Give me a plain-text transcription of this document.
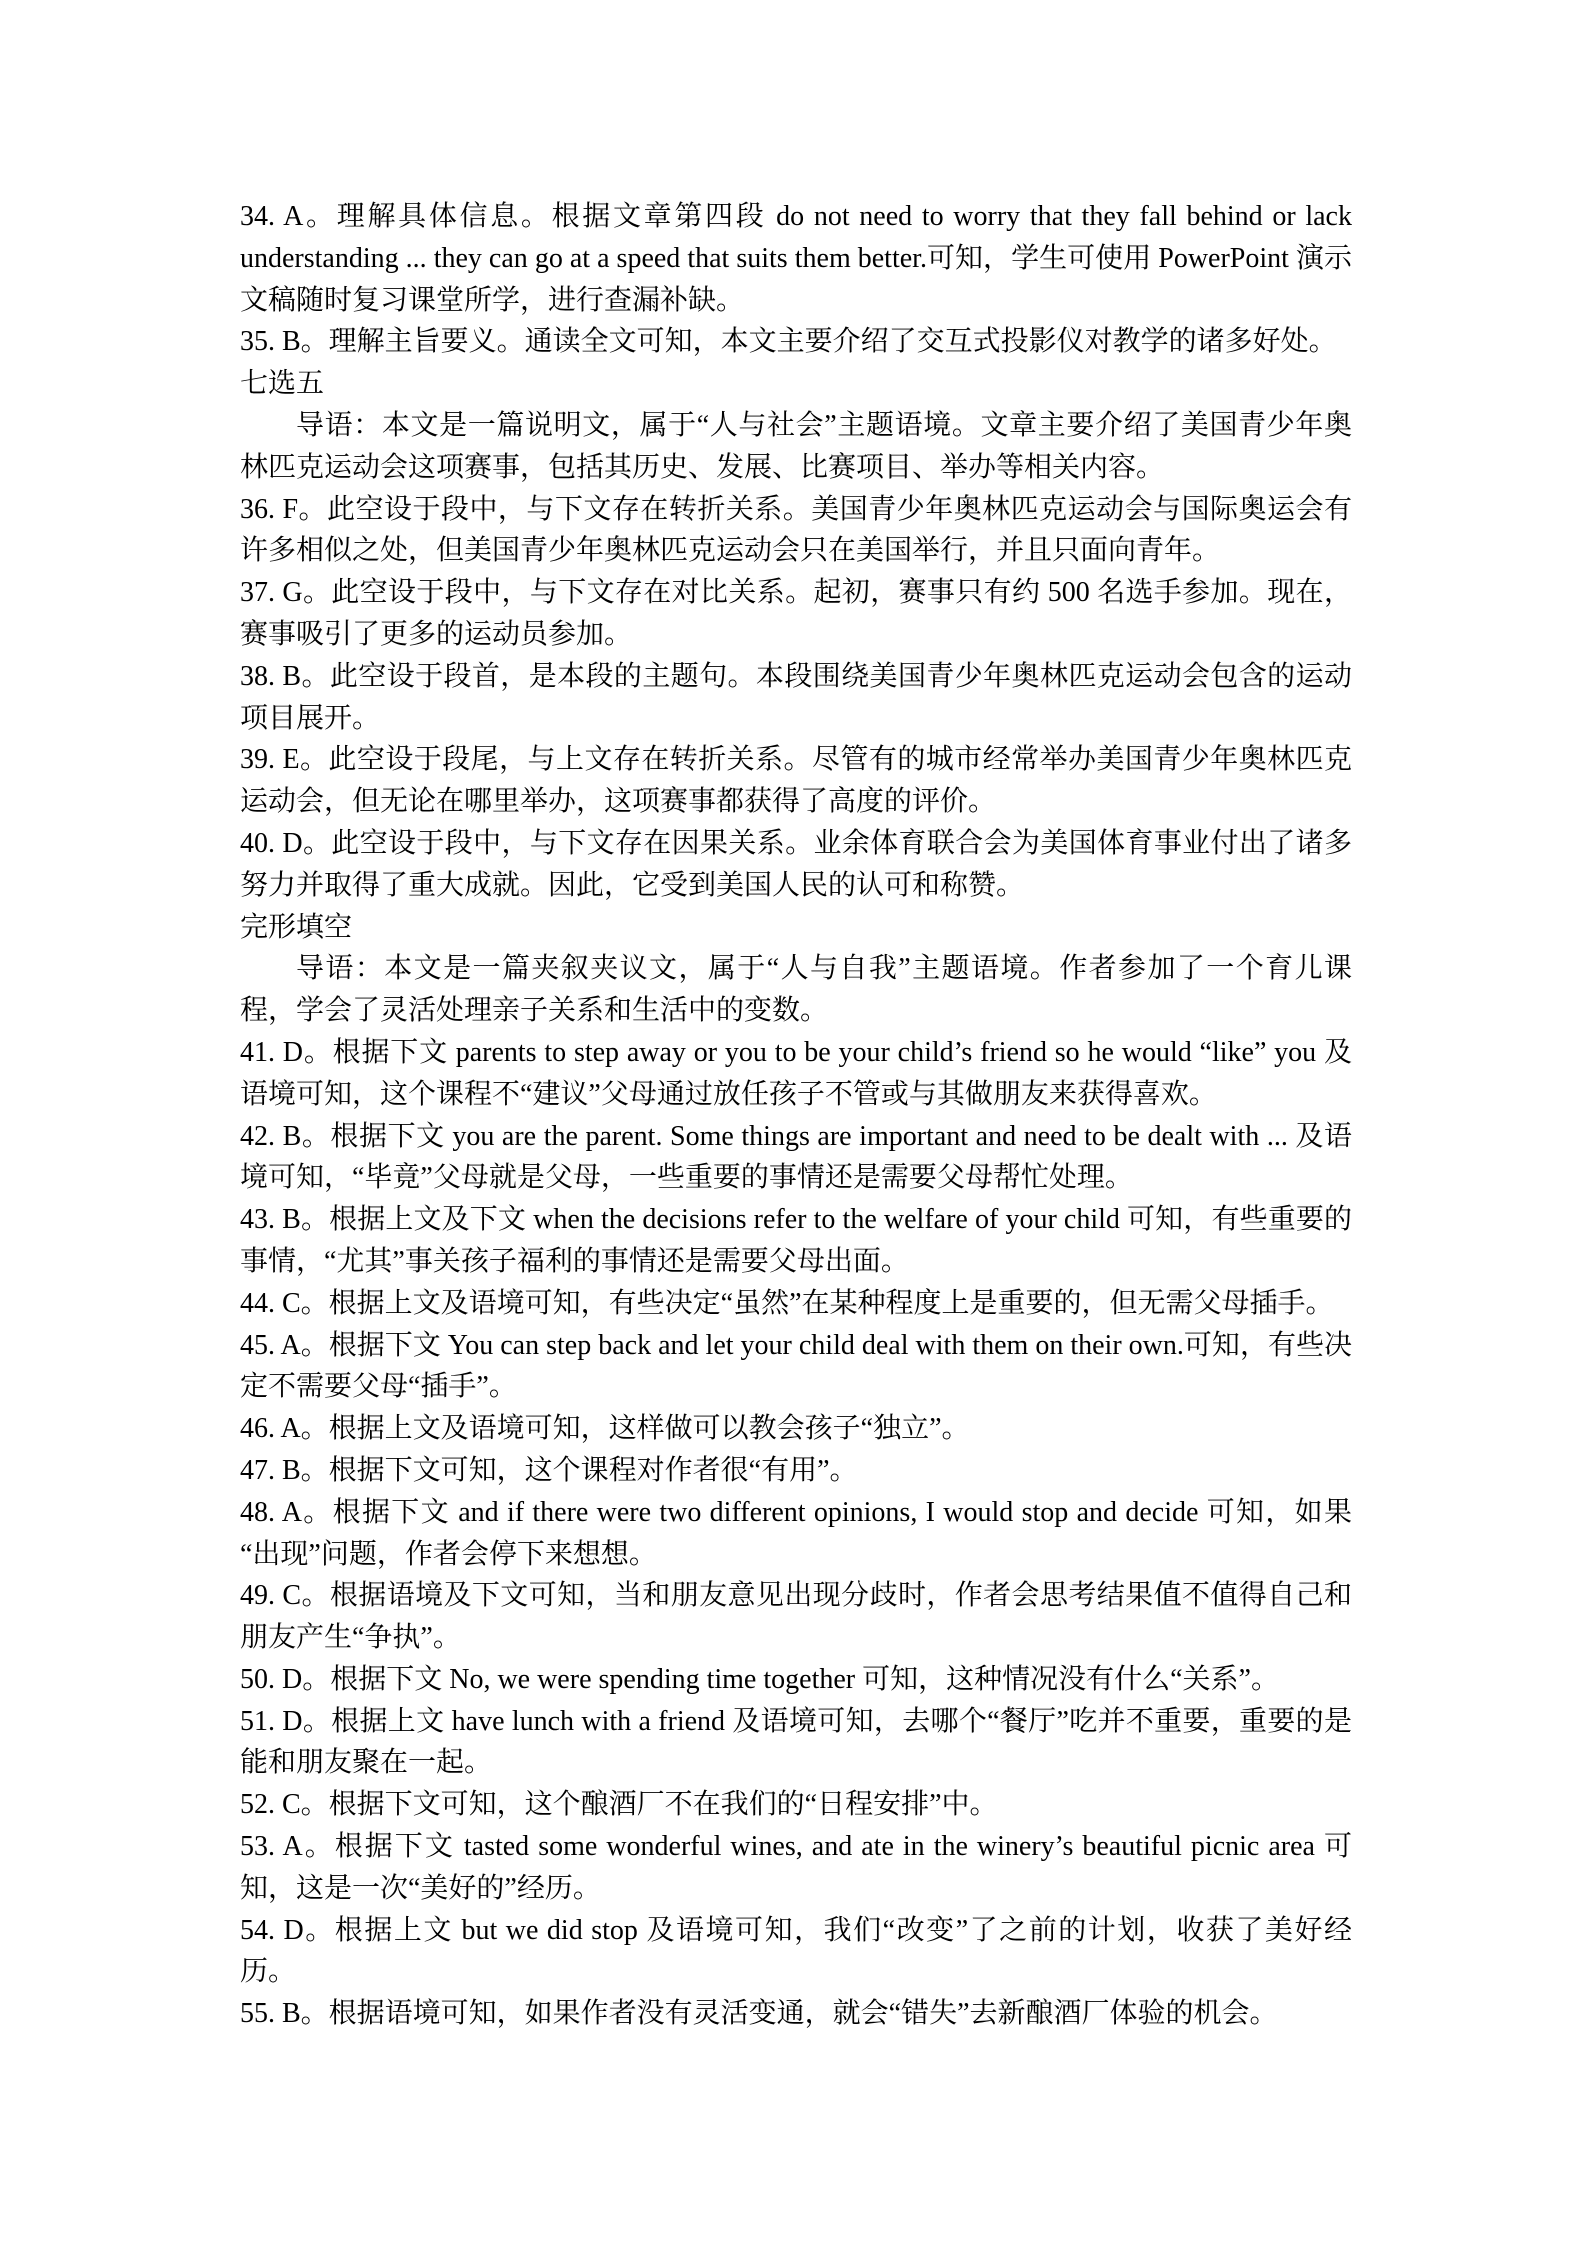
34. A。理解具体信息。根据文章第四段 do not need to worry that they fall behind or lack understanding ... they can go at a speed that suits them better.可知，学生可使用 PowerPoint 演示文稿随时复习课堂所学，进行查漏补缺。

35. B。理解主旨要义。通读全文可知，本文主要介绍了交互式投影仪对教学的诸多好处。

七选五

导语：本文是一篇说明文，属于“人与社会”主题语境。文章主要介绍了美国青少年奥林匹克运动会这项赛事，包括其历史、发展、比赛项目、举办等相关内容。

36. F。此空设于段中，与下文存在转折关系。美国青少年奥林匹克运动会与国际奥运会有许多相似之处，但美国青少年奥林匹克运动会只在美国举行，并且只面向青年。

37. G。此空设于段中，与下文存在对比关系。起初，赛事只有约 500 名选手参加。现在，赛事吸引了更多的运动员参加。

38. B。此空设于段首，是本段的主题句。本段围绕美国青少年奥林匹克运动会包含的运动项目展开。

39. E。此空设于段尾，与上文存在转折关系。尽管有的城市经常举办美国青少年奥林匹克运动会，但无论在哪里举办，这项赛事都获得了高度的评价。

40. D。此空设于段中，与下文存在因果关系。业余体育联合会为美国体育事业付出了诸多努力并取得了重大成就。因此，它受到美国人民的认可和称赞。

完形填空

导语：本文是一篇夹叙夹议文，属于“人与自我”主题语境。作者参加了一个育儿课程，学会了灵活处理亲子关系和生活中的变数。

41. D。根据下文 parents to step away or you to be your child’s friend so he would “like” you 及语境可知，这个课程不“建议”父母通过放任孩子不管或与其做朋友来获得喜欢。

42. B。根据下文 you are the parent. Some things are important and need to be dealt with ... 及语境可知，“毕竟”父母就是父母，一些重要的事情还是需要父母帮忙处理。

43. B。根据上文及下文 when the decisions refer to the welfare of your child 可知，有些重要的事情，“尤其”事关孩子福利的事情还是需要父母出面。

44. C。根据上文及语境可知，有些决定“虽然”在某种程度上是重要的，但无需父母插手。

45. A。根据下文 You can step back and let your child deal with them on their own.可知，有些决定不需要父母“插手”。

46. A。根据上文及语境可知，这样做可以教会孩子“独立”。

47. B。根据下文可知，这个课程对作者很“有用”。

48. A。根据下文 and if there were two different opinions, I would stop and decide 可知，如果“出现”问题，作者会停下来想想。

49. C。根据语境及下文可知，当和朋友意见出现分歧时，作者会思考结果值不值得自己和朋友产生“争执”。

50. D。根据下文 No, we were spending time together 可知，这种情况没有什么“关系”。

51. D。根据上文 have lunch with a friend 及语境可知，去哪个“餐厅”吃并不重要，重要的是能和朋友聚在一起。

52. C。根据下文可知，这个酿酒厂不在我们的“日程安排”中。

53. A。根据下文 tasted some wonderful wines, and ate in the winery’s beautiful picnic area 可知，这是一次“美好的”经历。

54. D。根据上文 but we did stop 及语境可知，我们“改变”了之前的计划，收获了美好经历。

55. B。根据语境可知，如果作者没有灵活变通，就会“错失”去新酿酒厂体验的机会。
